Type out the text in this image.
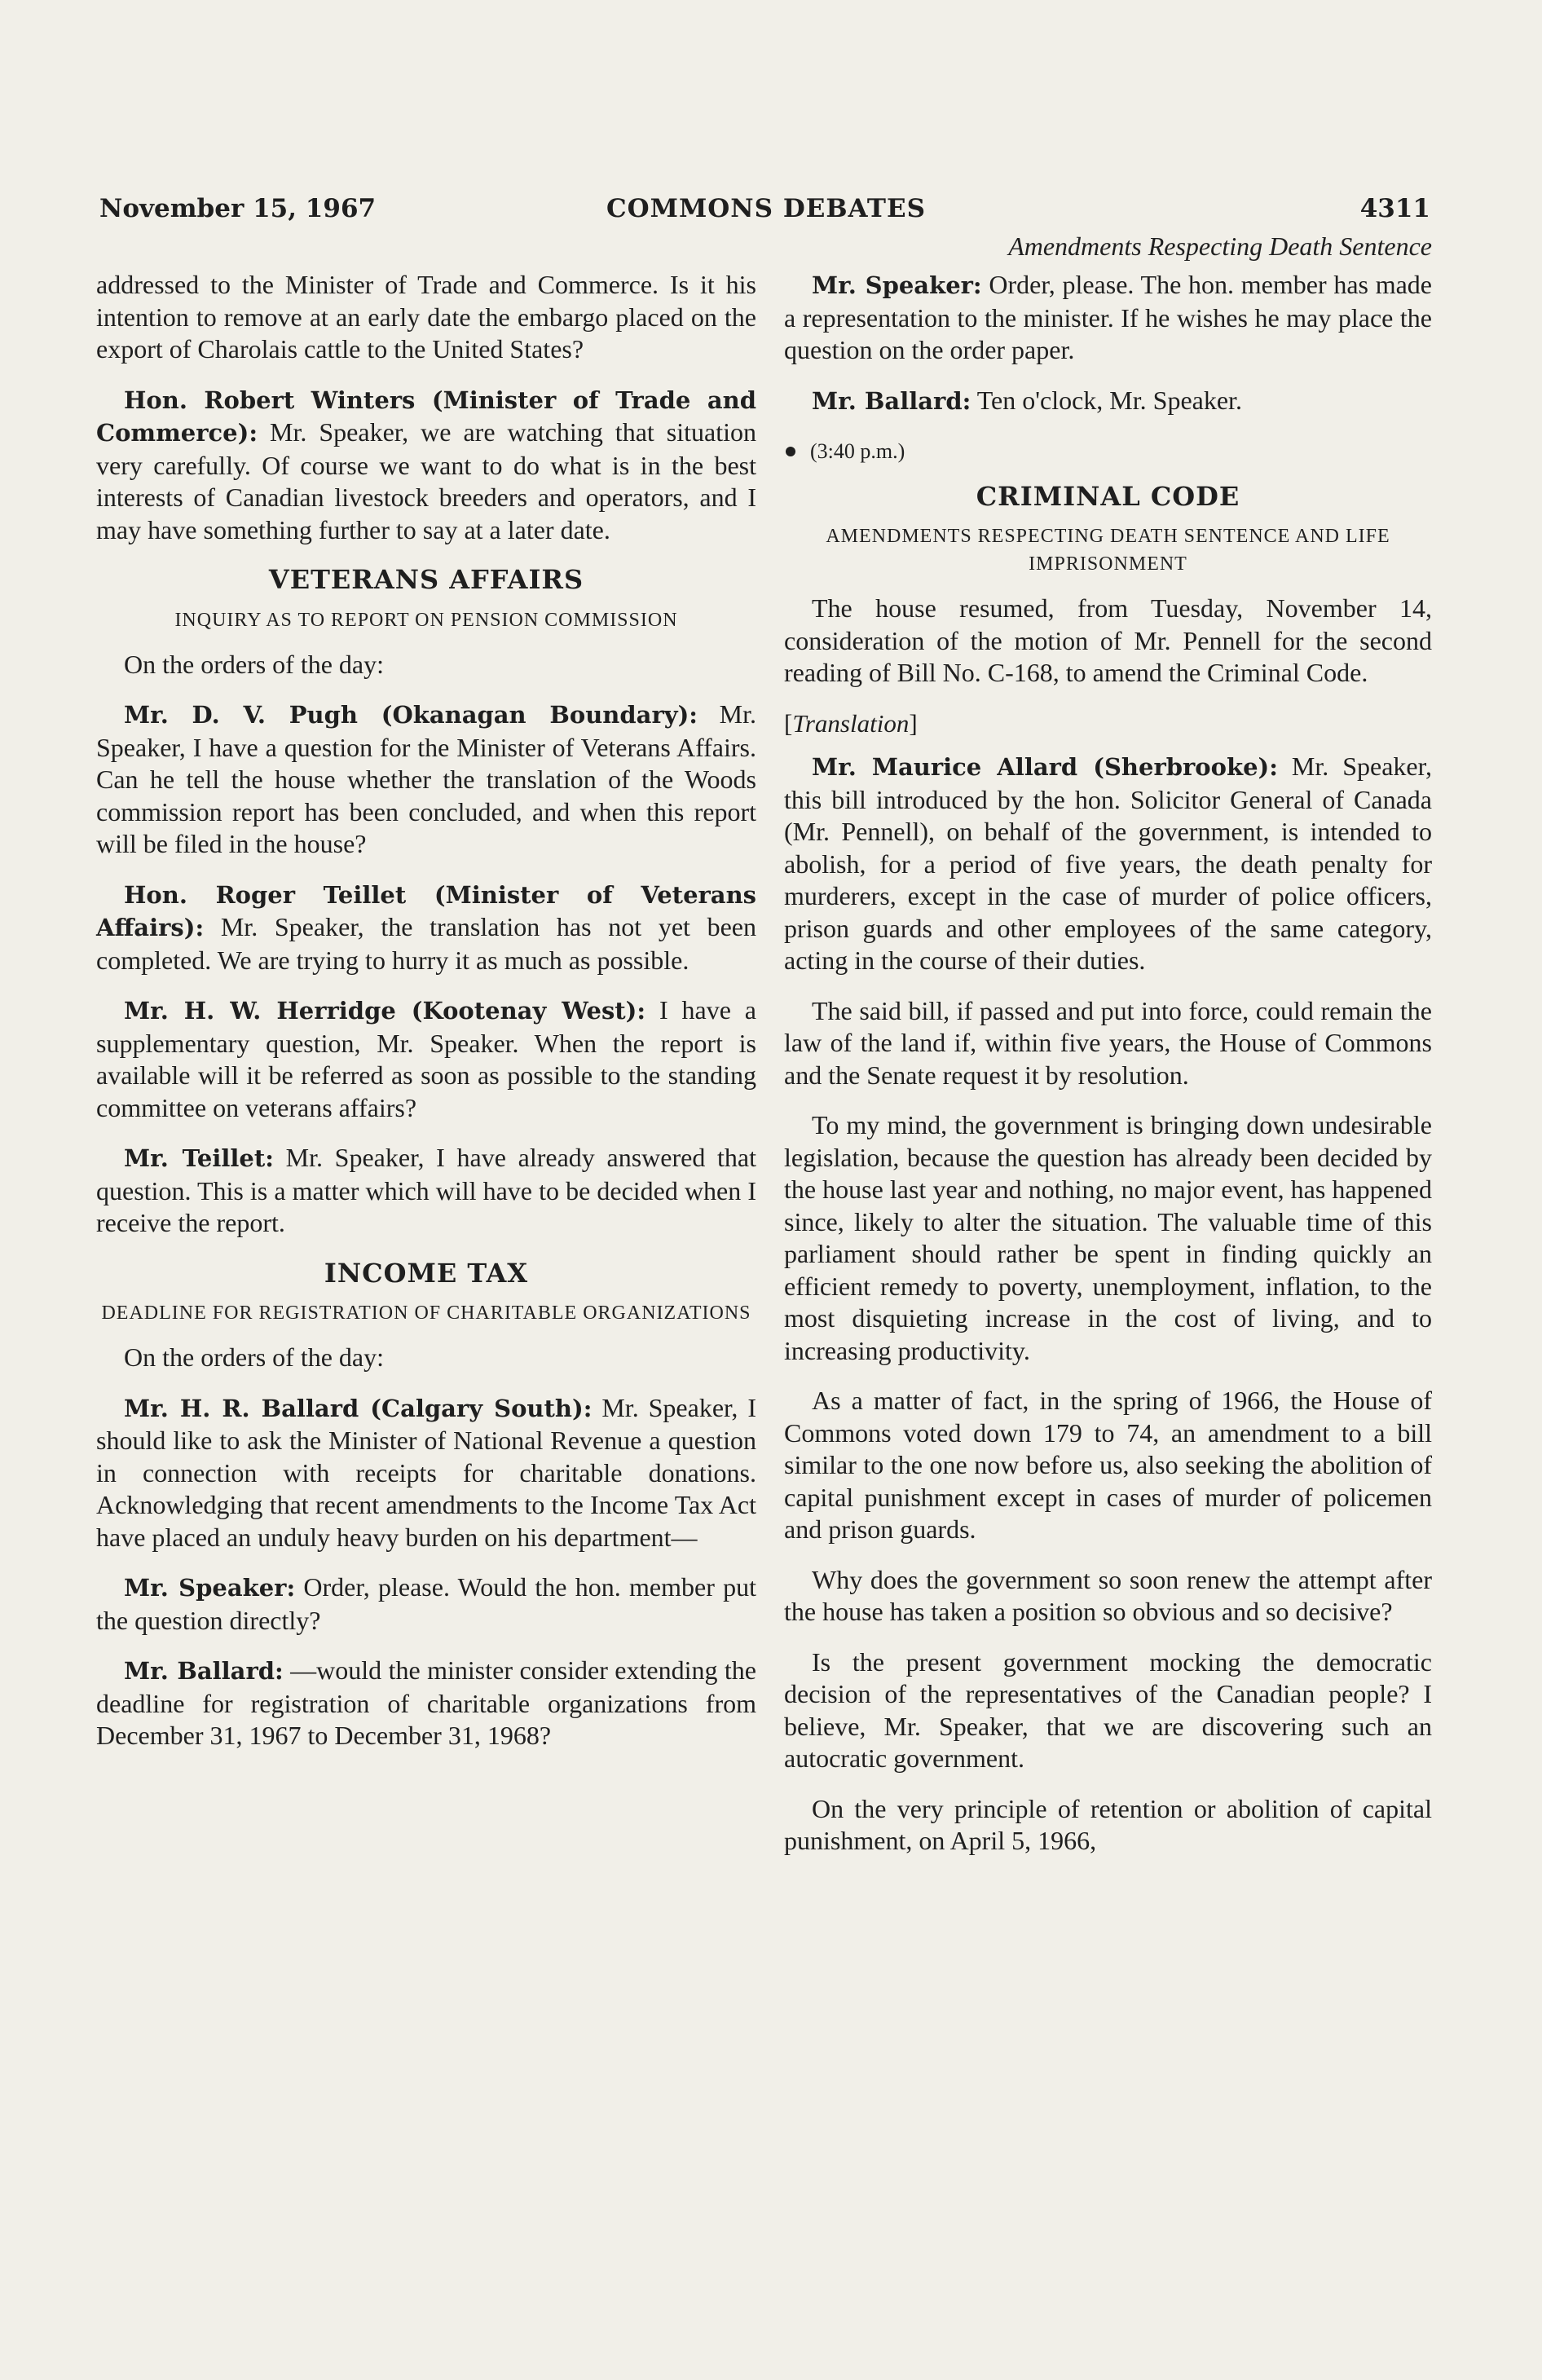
November 15, 1967	COMMONS DEBATES	4311
Amendments Respecting Death Sentence

addressed to the Minister of Trade and Commerce. Is it his intention to remove at an early date the embargo placed on the export of Charolais cattle to the United States?

Hon. Robert Winters (Minister of Trade and Commerce): Mr. Speaker, we are watching that situation very carefully. Of course we want to do what is in the best interests of Canadian livestock breeders and operators, and I may have something further to say at a later date.

VETERANS AFFAIRS
INQUIRY AS TO REPORT ON PENSION COMMISSION

On the orders of the day:

Mr. D. V. Pugh (Okanagan Boundary): Mr. Speaker, I have a question for the Minister of Veterans Affairs. Can he tell the house whether the translation of the Woods commission report has been concluded, and when this report will be filed in the house?

Hon. Roger Teillet (Minister of Veterans Affairs): Mr. Speaker, the translation has not yet been completed. We are trying to hurry it as much as possible.

Mr. H. W. Herridge (Kootenay West): I have a supplementary question, Mr. Speaker. When the report is available will it be referred as soon as possible to the standing committee on veterans affairs?

Mr. Teillet: Mr. Speaker, I have already answered that question. This is a matter which will have to be decided when I receive the report.

INCOME TAX
DEADLINE FOR REGISTRATION OF CHARITABLE ORGANIZATIONS

On the orders of the day:

Mr. H. R. Ballard (Calgary South): Mr. Speaker, I should like to ask the Minister of National Revenue a question in connection with receipts for charitable donations. Acknowledging that recent amendments to the Income Tax Act have placed an unduly heavy burden on his department—

Mr. Speaker: Order, please. Would the hon. member put the question directly?

Mr. Ballard: —would the minister consider extending the deadline for registration of charitable organizations from December 31, 1967 to December 31, 1968?

Mr. Speaker: Order, please. The hon. member has made a representation to the minister. If he wishes he may place the question on the order paper.

Mr. Ballard: Ten o'clock, Mr. Speaker.

(3:40 p.m.)
CRIMINAL CODE
AMENDMENTS RESPECTING DEATH SENTENCE AND LIFE IMPRISONMENT

The house resumed, from Tuesday, November 14, consideration of the motion of Mr. Pennell for the second reading of Bill No. C-168, to amend the Criminal Code.

[Translation]

Mr. Maurice Allard (Sherbrooke): Mr. Speaker, this bill introduced by the hon. Solicitor General of Canada (Mr. Pennell), on behalf of the government, is intended to abolish, for a period of five years, the death penalty for murderers, except in the case of murder of police officers, prison guards and other employees of the same category, acting in the course of their duties.

The said bill, if passed and put into force, could remain the law of the land if, within five years, the House of Commons and the Senate request it by resolution.

To my mind, the government is bringing down undesirable legislation, because the question has already been decided by the house last year and nothing, no major event, has happened since, likely to alter the situation. The valuable time of this parliament should rather be spent in finding quickly an efficient remedy to poverty, unemployment, inflation, to the most disquieting increase in the cost of living, and to increasing productivity.

As a matter of fact, in the spring of 1966, the House of Commons voted down 179 to 74, an amendment to a bill similar to the one now before us, also seeking the abolition of capital punishment except in cases of murder of policemen and prison guards.

Why does the government so soon renew the attempt after the house has taken a position so obvious and so decisive?

Is the present government mocking the democratic decision of the representatives of the Canadian people? I believe, Mr. Speaker, that we are discovering such an autocratic government.

On the very principle of retention or abolition of capital punishment, on April 5, 1966,
